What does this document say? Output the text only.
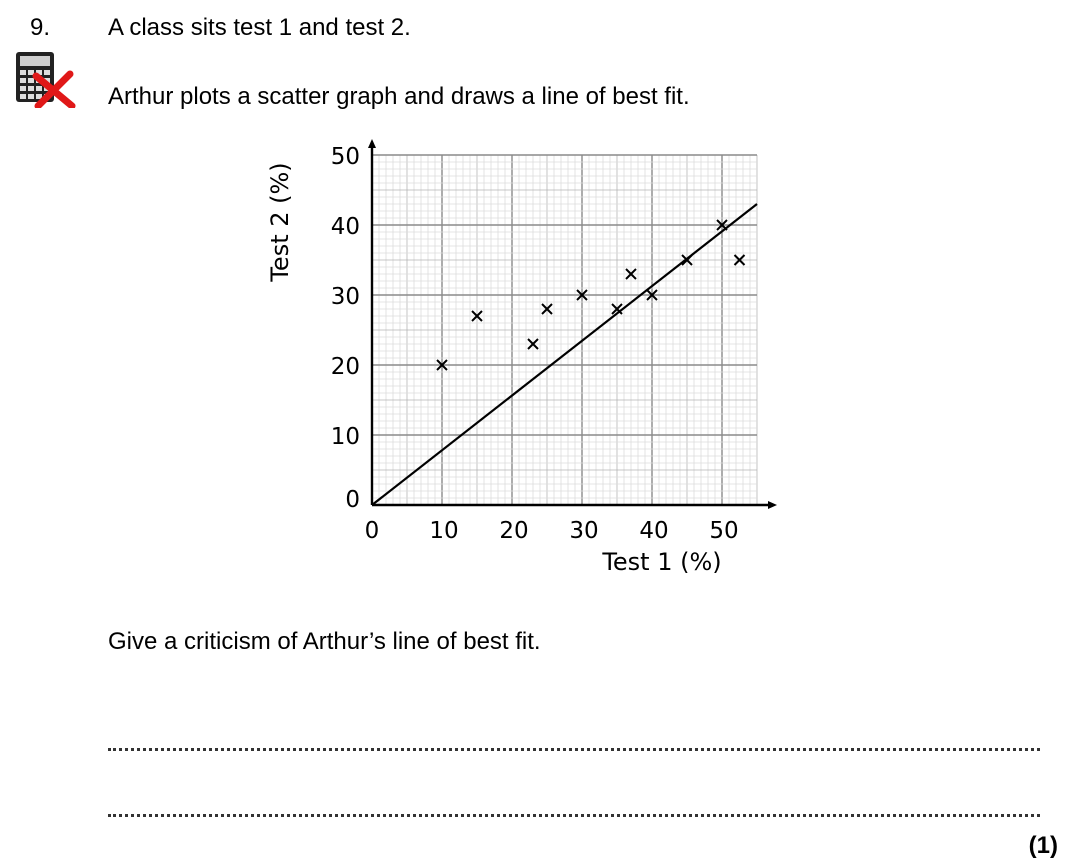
9. A class sits test 1 and test 2.
Arthur plots a scatter graph and draws a line of best fit.
0 10 20 30 40 50
0
10
20
30
40
50
Test 1 (%)
Test 2 (%)
Give a criticism of Arthur’s line of best fit.
(1)
